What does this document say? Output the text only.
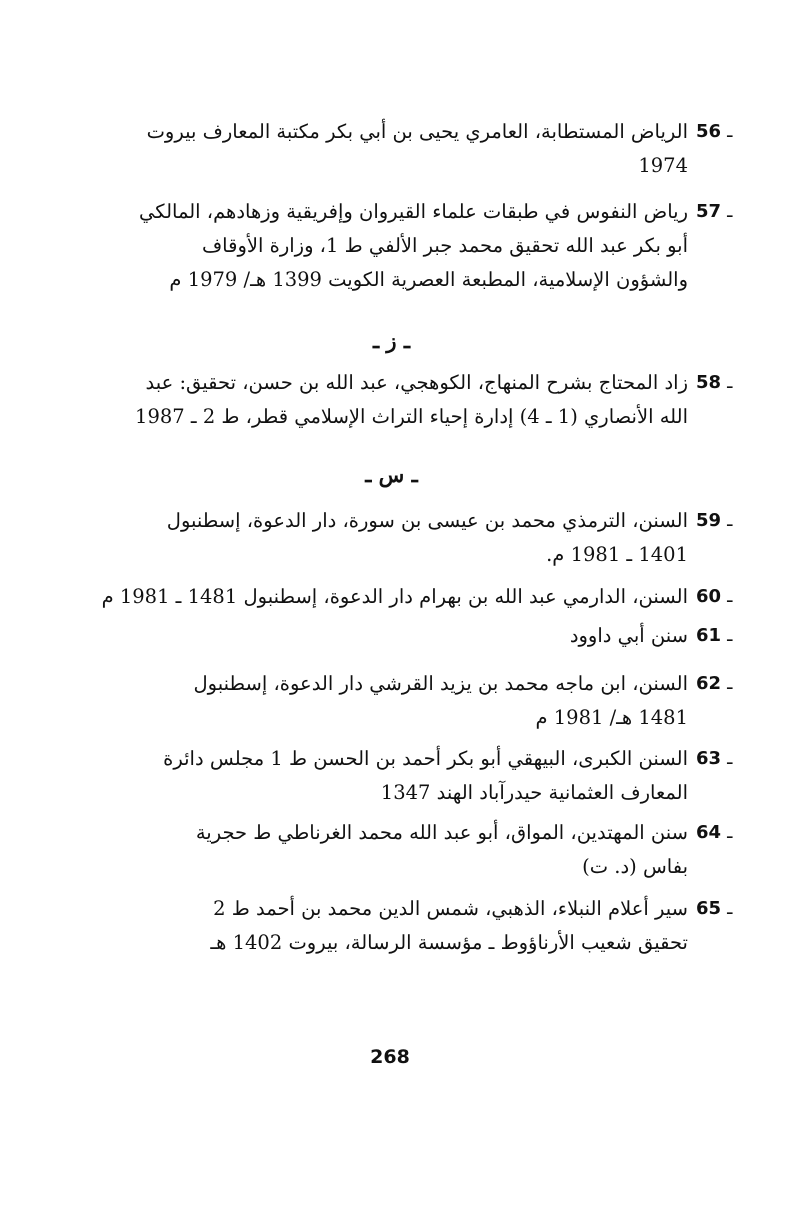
56 ـ
الرياض المستطابة، العامري يحيى بن أبي بكر مكتبة المعارف بيروت
1974
57 ـ
رياض النفوس في طبقات علماء القيروان وإفريقية وزهادهم، المالكي
أبو بكر عبد الله تحقيق محمد جبر الألفي ط 1، وزارة الأوقاف
والشؤون الإسلامية، المطبعة العصرية الكويت 1399 هـ/ 1979 م
ـ ز ـ
58 ـ
زاد المحتاج بشرح المنهاج، الكوهجي، عبد الله بن حسن، تحقيق: عبد
الله الأنصاري (1 ـ 4) إدارة إحياء التراث الإسلامي قطر، ط 2 ـ 1987
ـ س ـ
59 ـ
السنن، الترمذي محمد بن عيسى بن سورة، دار الدعوة، إسطنبول
1401 ـ 1981 م.
60 ـ
السنن، الدارمي عبد الله بن بهرام دار الدعوة، إسطنبول 1481 ـ 1981 م
61 ـ
سنن أبي داوود
62 ـ
السنن، ابن ماجه محمد بن يزيد القرشي دار الدعوة، إسطنبول
1481 هـ/ 1981 م
63 ـ
السنن الكبرى، البيهقي أبو بكر أحمد بن الحسن ط 1 مجلس دائرة
المعارف العثمانية حيدرآباد الهند 1347
64 ـ
سنن المهتدين، المواق، أبو عبد الله محمد الغرناطي ط حجرية
بفاس (د. ت)
65 ـ
سير أعلام النبلاء، الذهبي، شمس الدين محمد بن أحمد ط 2
تحقيق شعيب الأرناؤوط ـ مؤسسة الرسالة، بيروت 1402 هـ
268
